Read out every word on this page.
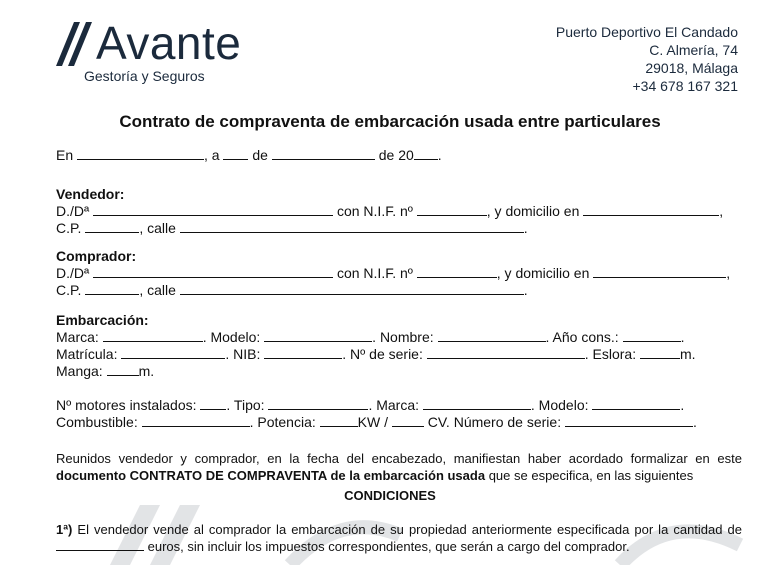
Avante
Gestoría y Seguros
Puerto Deportivo El Candado
C. Almería, 74
29018, Málaga
+34 678 167 321
Contrato de compraventa de embarcación usada entre particulares
En	, a de	de 20 .
Vendedor:
D./Dª	con N.I.F. nº	, y domicilio en	,
C.P.	, calle	.
Comprador:
D./Dª	con N.I.F. nº	, y domicilio en	,
C.P.	, calle	.
Embarcación:
Marca:	. Modelo:	. Nombre:	. Año cons.:	.
Matrícula:	. NIB:	. Nº de serie:	. Eslora:	m.
Manga:	m.
Nº motores instalados: . Tipo:	. Marca:	. Modelo:	.
Combustible:	. Potencia:	KW /	CV. Número de serie:	.
Reunidos vendedor y comprador, en la fecha del encabezado, manifiestan haber acordado formalizar en este
documento CONTRATO DE COMPRAVENTA de la embarcación usada que se especifica, en las siguientes
CONDICIONES
1ª) El vendedor vende al comprador la embarcación de su propiedad anteriormente especificada por la cantidad de
euros, sin incluir los impuestos correspondientes, que serán a cargo del comprador.
